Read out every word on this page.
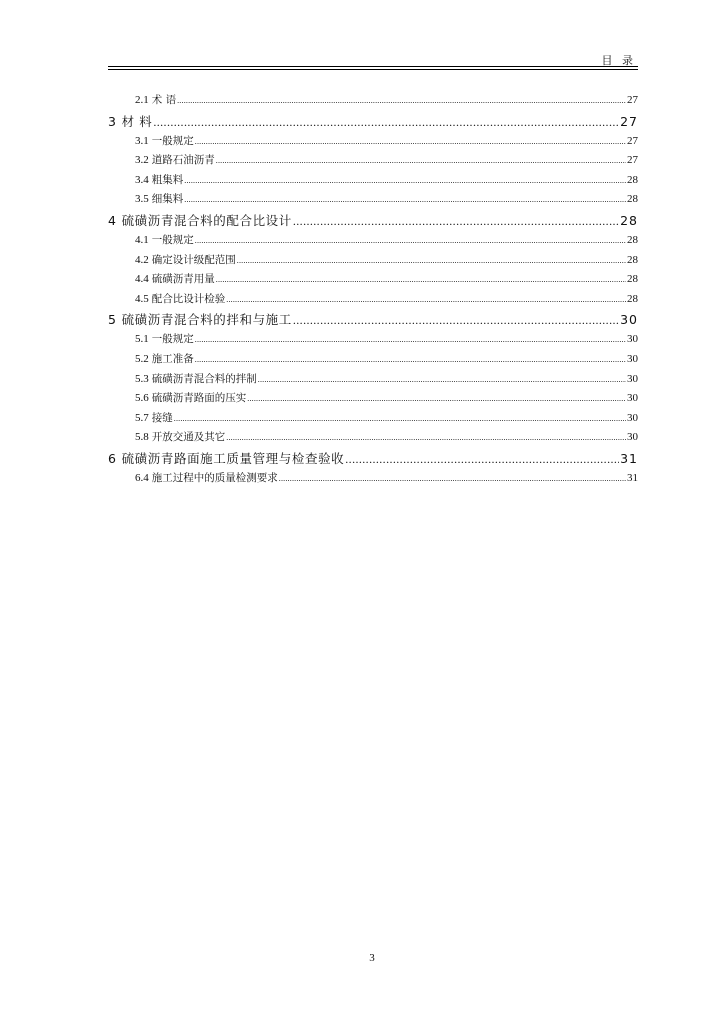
目 录
2.1 术 语 .....	27
3 材 料 .....	27
3.1 一般规定 .....	27
3.2 道路石油沥青 .....	27
3.4 粗集料 .....	28
3.5 细集料 .....	28
4 硫磺沥青混合料的配合比设计 .....	28
4.1 一般规定 .....	28
4.2 确定设计级配范围 .....	28
4.4 硫磺沥青用量 .....	28
4.5 配合比设计检验 .....	28
5 硫磺沥青混合料的拌和与施工 .....	30
5.1 一般规定 .....	30
5.2 施工准备 .....	30
5.3 硫磺沥青混合料的拌制 .....	30
5.6 硫磺沥青路面的压实 .....	30
5.7 接缝 .....	30
5.8 开放交通及其它 .....	30
6 硫磺沥青路面施工质量管理与检查验收 .....	31
6.4 施工过程中的质量检测要求 .....	31
3
